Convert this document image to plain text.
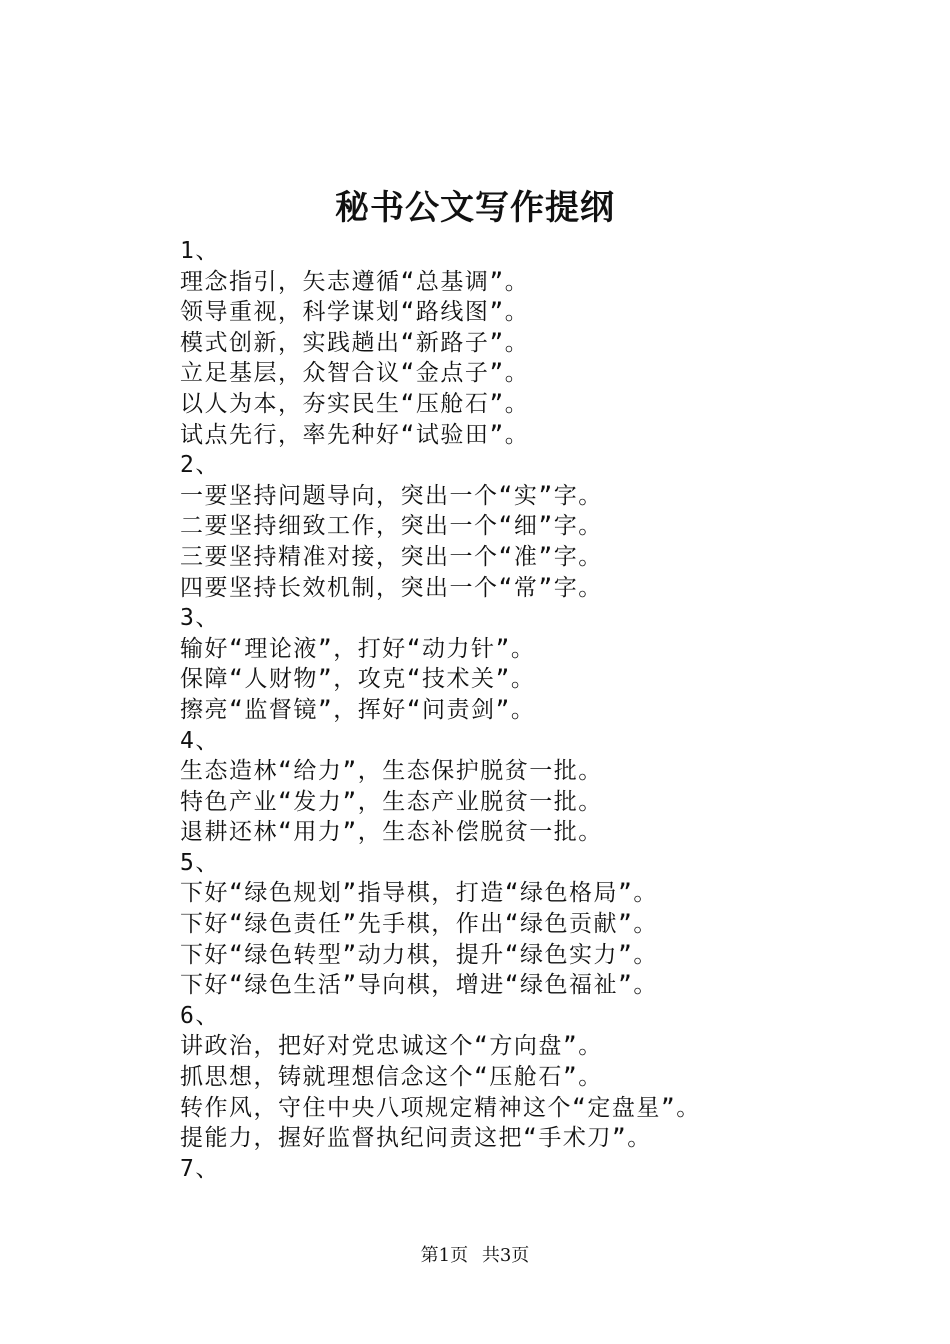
秘书公文写作提纲
1、
理念指引，矢志遵循“总基调”。
领导重视，科学谋划“路线图”。
模式创新，实践趟出“新路子”。
立足基层，众智合议“金点子”。
以人为本，夯实民生“压舱石”。
试点先行，率先种好“试验田”。
2、
一要坚持问题导向，突出一个“实”字。
二要坚持细致工作，突出一个“细”字。
三要坚持精准对接，突出一个“准”字。
四要坚持长效机制，突出一个“常”字。
3、
输好“理论液”，打好“动力针”。
保障“人财物”，攻克“技术关”。
擦亮“监督镜”，挥好“问责剑”。
4、
生态造林“给力”，生态保护脱贫一批。
特色产业“发力”，生态产业脱贫一批。
退耕还林“用力”，生态补偿脱贫一批。
5、
下好“绿色规划”指导棋，打造“绿色格局”。
下好“绿色责任”先手棋，作出“绿色贡献”。
下好“绿色转型”动力棋，提升“绿色实力”。
下好“绿色生活”导向棋，增进“绿色福祉”。
6、
讲政治，把好对党忠诚这个“方向盘”。
抓思想，铸就理想信念这个“压舱石”。
转作风，守住中央八项规定精神这个“定盘星”。
提能力，握好监督执纪问责这把“手术刀”。
7、
第1页 共3页
